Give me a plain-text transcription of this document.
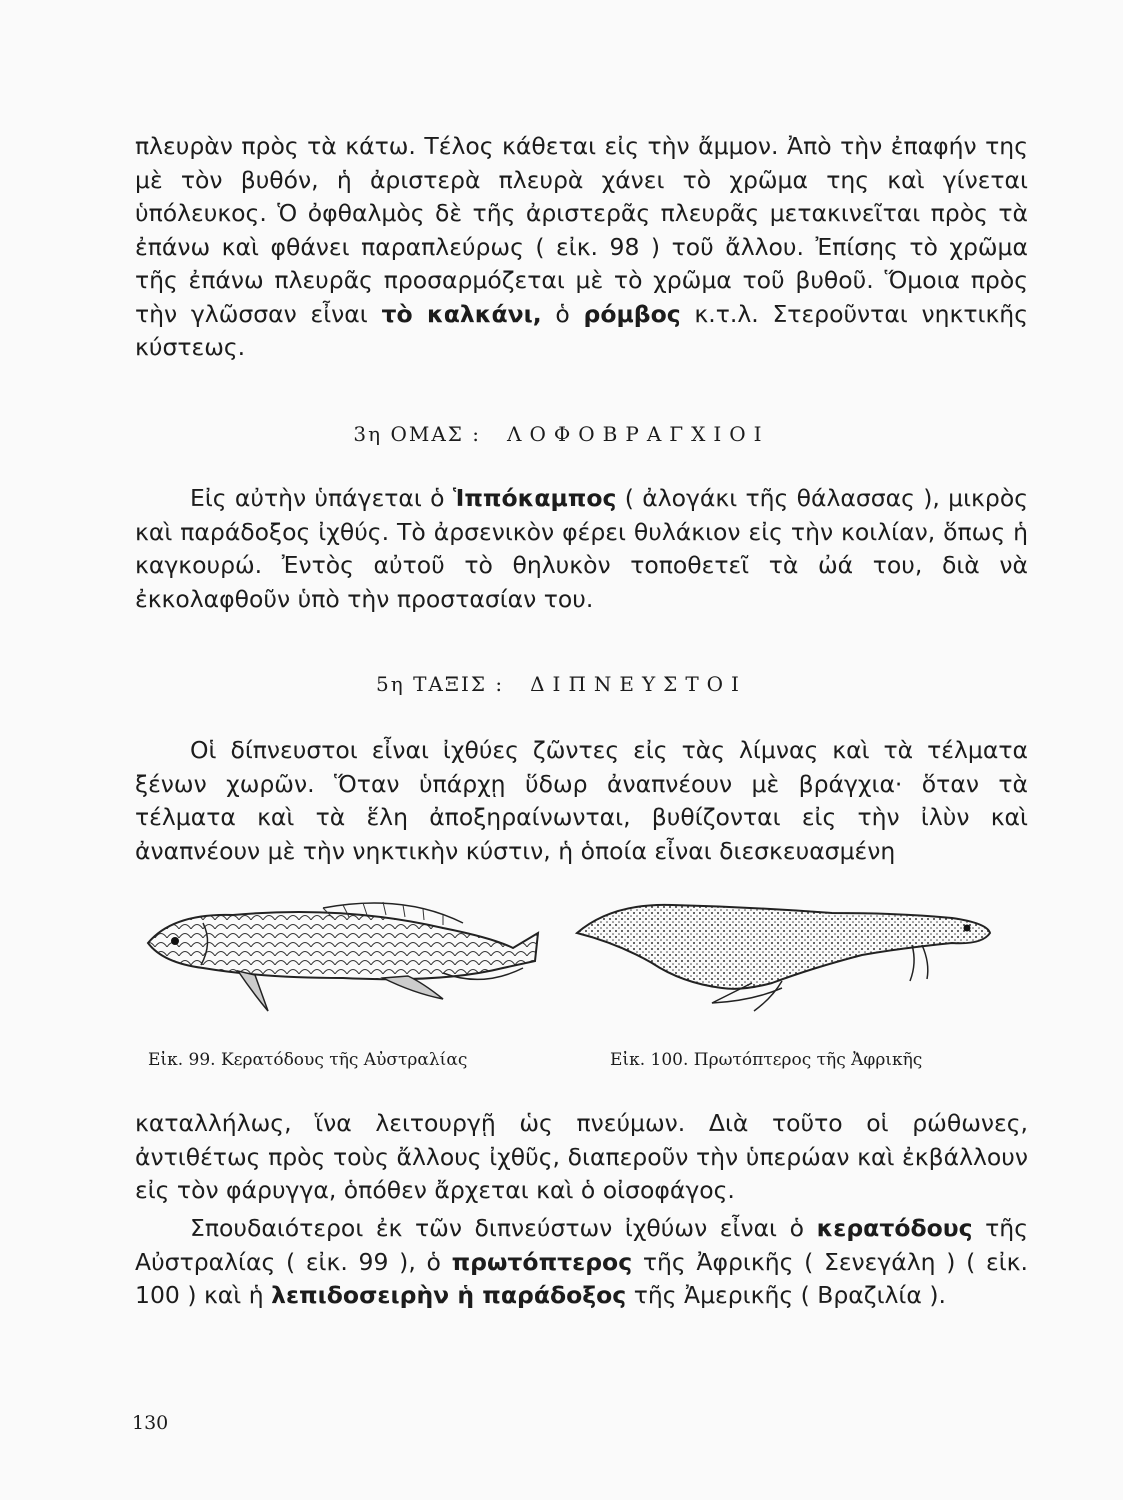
πλευρὰν πρὸς τὰ κάτω. Τέλος κάθεται εἰς τὴν ἄμμον. Ἀπὸ τὴν ἐπαφήν της μὲ τὸν βυθόν, ἡ ἀριστερὰ πλευρὰ χάνει τὸ χρῶμα της καὶ γίνεται ὑπόλευκος. Ὁ ὀφθαλμὸς δὲ τῆς ἀριστερᾶς πλευρᾶς μετακινεῖται πρὸς τὰ ἐπάνω καὶ φθάνει παραπλεύρως ( εἰκ. 98 ) τοῦ ἄλλου. Ἐπίσης τὸ χρῶμα τῆς ἐπάνω πλευρᾶς προσαρμόζεται μὲ τὸ χρῶμα τοῦ βυθοῦ. Ὅμοια πρὸς τὴν γλῶσσαν εἶναι τὸ καλκάνι, ὁ ρόμβος κ.τ.λ. Στεροῦνται νηκτικῆς κύστεως.

3η ΟΜΑΣ : ΛΟΦΟΒΡΑΓΧΙΟΙ

Εἰς αὐτὴν ὑπάγεται ὁ Ἱππόκαμπος ( ἀλογάκι τῆς θάλασσας ), μικρὸς καὶ παράδοξος ἰχθύς. Τὸ ἀρσενικὸν φέρει θυλάκιον εἰς τὴν κοιλίαν, ὅπως ἡ καγκουρώ. Ἐντὸς αὐτοῦ τὸ θηλυκὸν τοποθετεῖ τὰ ὠά του, διὰ νὰ ἐκκολαφθοῦν ὑπὸ τὴν προστασίαν του.

5η ΤΑΞΙΣ : ΔΙΠΝΕΥΣΤΟΙ

Οἱ δίπνευστοι εἶναι ἰχθύες ζῶντες εἰς τὰς λίμνας καὶ τὰ τέλματα ξένων χωρῶν. Ὅταν ὑπάρχῃ ὕδωρ ἀναπνέουν μὲ βράγχια· ὅταν τὰ τέλματα καὶ τὰ ἕλη ἀποξηραίνωνται, βυθίζονται εἰς τὴν ἰλὺν καὶ ἀναπνέουν μὲ τὴν νηκτικὴν κύστιν, ἡ ὁποία εἶναι διεσκευασμένη

Εἰκ. 99. Κερατόδους τῆς Αὐστραλίας	Εἰκ. 100. Πρωτόπτερος τῆς Ἀφρικῆς

καταλλήλως, ἵνα λειτουργῇ ὡς πνεύμων. Διὰ τοῦτο οἱ ρώθωνες, ἀντιθέτως πρὸς τοὺς ἄλλους ἰχθῦς, διαπεροῦν τὴν ὑπερώαν καὶ ἐκβάλλουν εἰς τὸν φάρυγγα, ὁπόθεν ἄρχεται καὶ ὁ οἰσοφάγος.

Σπουδαιότεροι ἐκ τῶν διπνεύστων ἰχθύων εἶναι ὁ κερατόδους τῆς Αὐστραλίας ( εἰκ. 99 ), ὁ πρωτόπτερος τῆς Ἀφρικῆς ( Σενεγάλη ) ( εἰκ. 100 ) καὶ ἡ λεπιδοσειρὴν ἡ παράδοξος τῆς Ἀμερικῆς ( Βραζιλία ).

130
